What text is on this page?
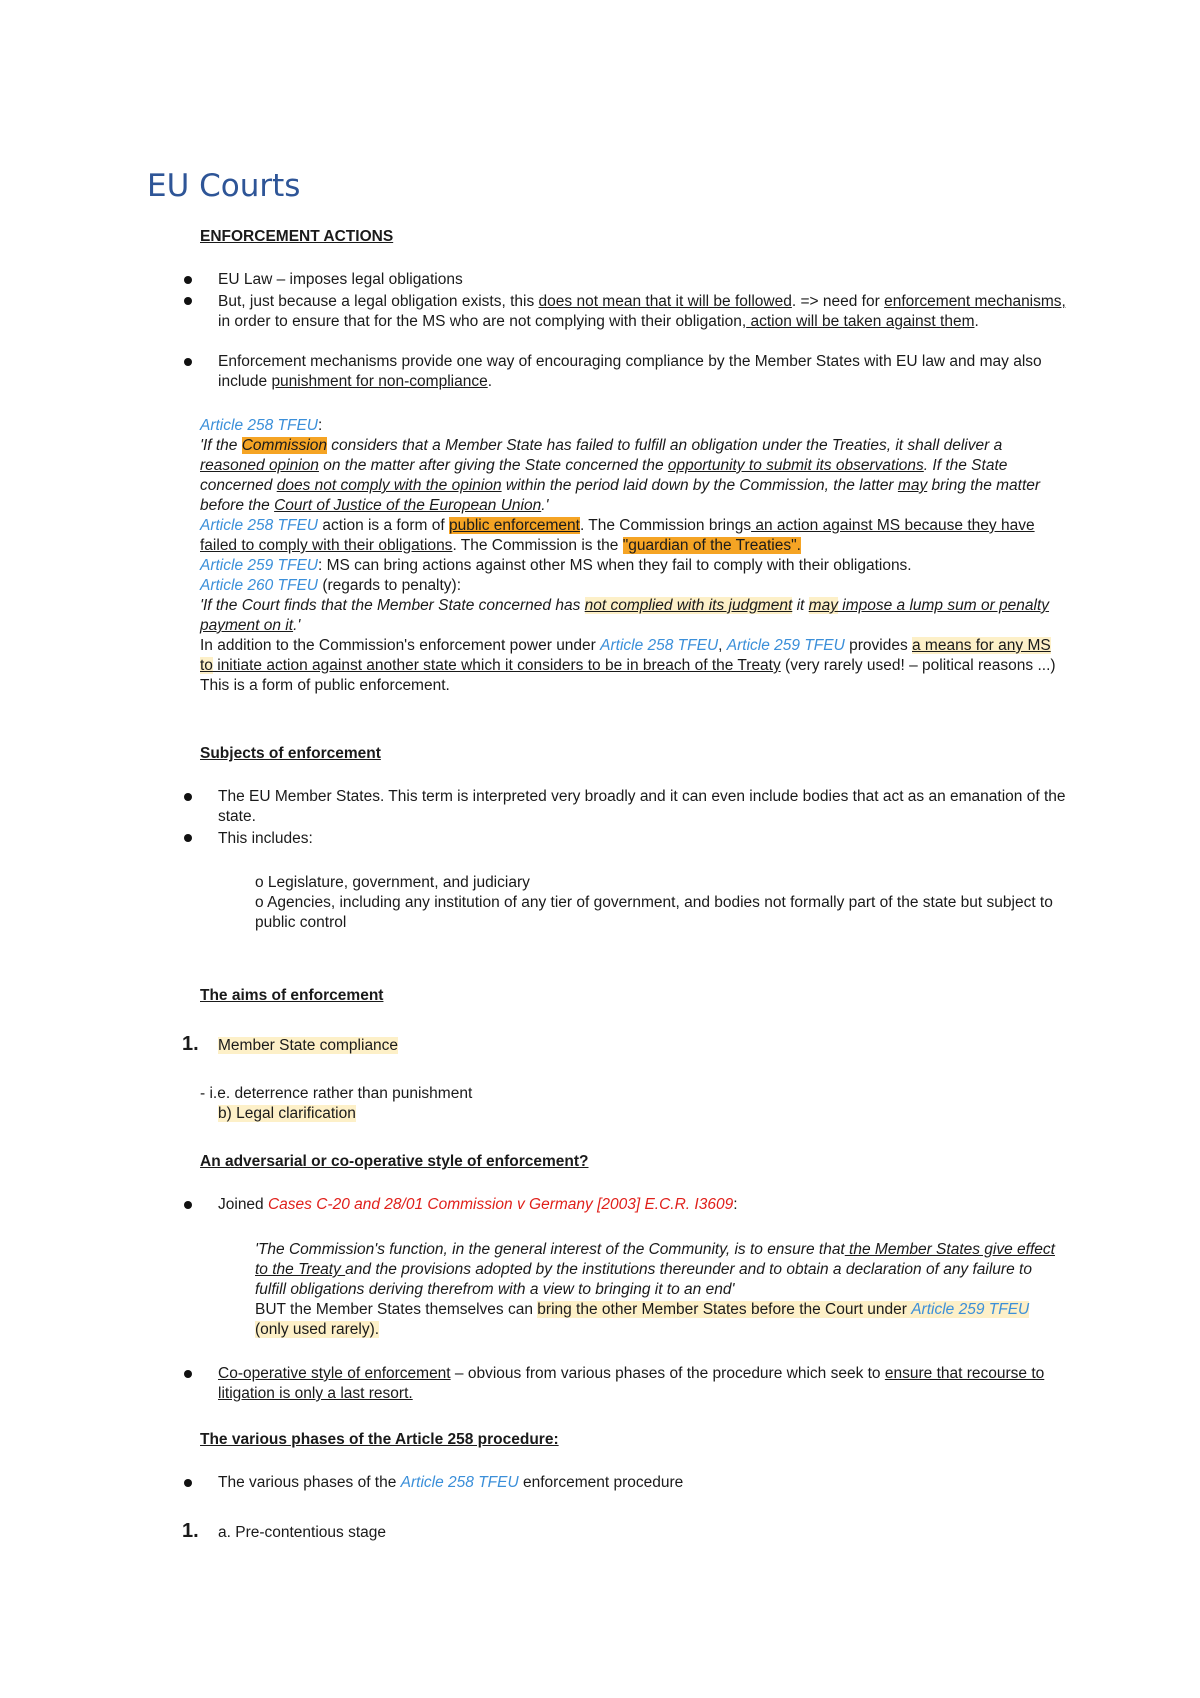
EU Courts
ENFORCEMENT ACTIONS
EU Law – imposes legal obligations
But, just because a legal obligation exists, this does not mean that it will be followed. => need for enforcement mechanisms, in order to ensure that for the MS who are not complying with their obligation, action will be taken against them.
Enforcement mechanisms provide one way of encouraging compliance by the Member States with EU law and may also include punishment for non-compliance.
Article 258 TFEU:
'If the Commission considers that a Member State has failed to fulfill an obligation under the Treaties, it shall deliver a reasoned opinion on the matter after giving the State concerned the opportunity to submit its observations. If the State concerned does not comply with the opinion within the period laid down by the Commission, the latter may bring the matter before the Court of Justice of the European Union.'
Article 258 TFEU action is a form of public enforcement. The Commission brings an action against MS because they have failed to comply with their obligations. The Commission is the "guardian of the Treaties".
Article 259 TFEU: MS can bring actions against other MS when they fail to comply with their obligations.
Article 260 TFEU (regards to penalty):
'If the Court finds that the Member State concerned has not complied with its judgment it may impose a lump sum or penalty payment on it.'
In addition to the Commission's enforcement power under Article 258 TFEU, Article 259 TFEU provides a means for any MS to initiate action against another state which it considers to be in breach of the Treaty (very rarely used! – political reasons ...)
This is a form of public enforcement.
Subjects of enforcement
The EU Member States. This term is interpreted very broadly and it can even include bodies that act as an emanation of the state.
This includes:
o Legislature, government, and judiciary
o Agencies, including any institution of any tier of government, and bodies not formally part of the state but subject to public control
The aims of enforcement
1. Member State compliance
- i.e. deterrence rather than punishment
b) Legal clarification
An adversarial or co-operative style of enforcement?
Joined Cases C-20 and 28/01 Commission v Germany [2003] E.C.R. I3609:
'The Commission's function, in the general interest of the Community, is to ensure that the Member States give effect to the Treaty and the provisions adopted by the institutions thereunder and to obtain a declaration of any failure to fulfill obligations deriving therefrom with a view to bringing it to an end'
BUT the Member States themselves can bring the other Member States before the Court under Article 259 TFEU (only used rarely).
Co-operative style of enforcement – obvious from various phases of the procedure which seek to ensure that recourse to litigation is only a last resort.
The various phases of the Article 258 procedure:
The various phases of the Article 258 TFEU enforcement procedure
1. a. Pre-contentious stage
